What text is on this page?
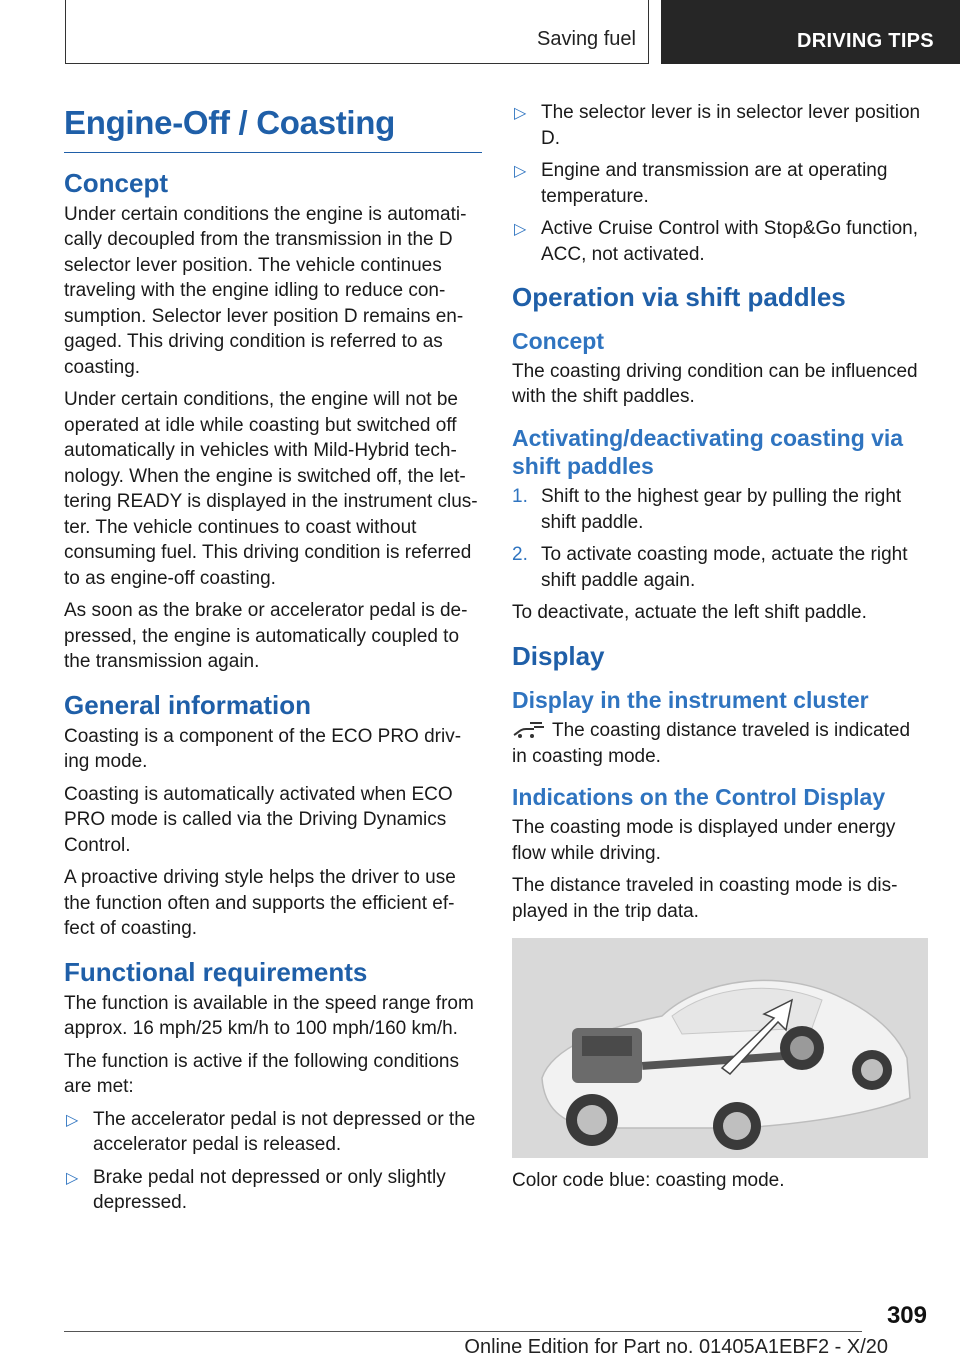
Saving fuel	DRIVING TIPS
Engine-Off / Coasting
Concept

Under certain conditions the engine is automati-cally decoupled from the transmission in the D selector lever position. The vehicle continues traveling with the engine idling to reduce con-sumption. Selector lever position D remains en-gaged. This driving condition is referred to as coasting.

Under certain conditions, the engine will not be operated at idle while coasting but switched off automatically in vehicles with Mild-Hybrid tech-nology. When the engine is switched off, the let-tering READY is displayed in the instrument clus-ter. The vehicle continues to coast without consuming fuel. This driving condition is referred to as engine-off coasting.

As soon as the brake or accelerator pedal is de-pressed, the engine is automatically coupled to the transmission again.

General information

Coasting is a component of the ECO PRO driv-ing mode.

Coasting is automatically activated when ECO PRO mode is called via the Driving Dynamics Control.

A proactive driving style helps the driver to use the function often and supports the efficient ef-fect of coasting.

Functional requirements

The function is available in the speed range from approx. 16 mph/25 km/h to 100 mph/160 km/h.

The function is active if the following conditions are met:

▷ The accelerator pedal is not depressed or the accelerator pedal is released.
▷ Brake pedal not depressed or only slightly depressed.
▷ The selector lever is in selector lever position D.
▷ Engine and transmission are at operating temperature.
▷ Active Cruise Control with Stop&Go function, ACC, not activated.
Operation via shift paddles
Concept

The coasting driving condition can be influenced with the shift paddles.

Activating/deactivating coasting via shift paddles
1. Shift to the highest gear by pulling the right shift paddle.
2. To activate coasting mode, actuate the right shift paddle again.

To deactivate, actuate the left shift paddle.

Display
Display in the instrument cluster

The coasting distance traveled is indicated in coasting mode.

Indications on the Control Display

The coasting mode is displayed under energy flow while driving.

The distance traveled in coasting mode is dis-played in the trip data.

Color code blue: coasting mode.

309
Online Edition for Part no. 01405A1EBF2 - X/20
